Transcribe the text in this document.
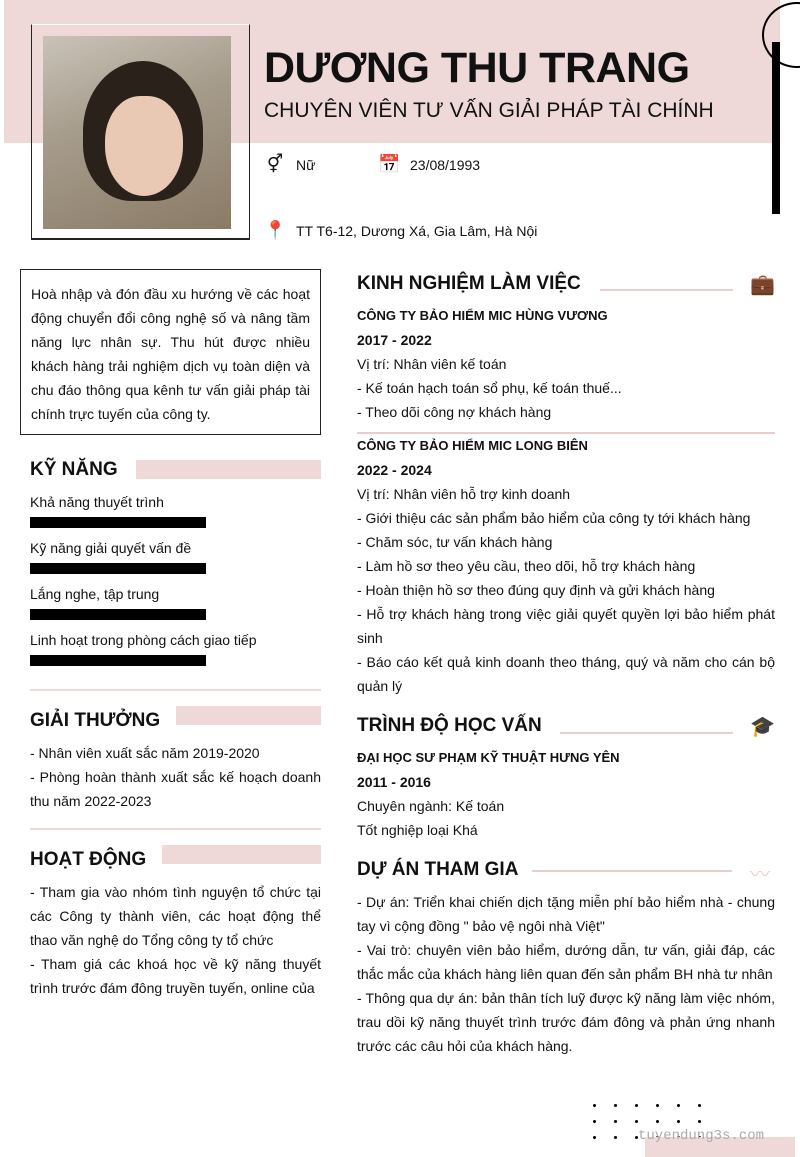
DƯƠNG THU TRANG
CHUYÊN VIÊN TƯ VẤN GIẢI PHÁP TÀI CHÍNH
⚥ Nữ	📅 23/08/1993
📍 TT T6-12, Dương Xá, Gia Lâm, Hà Nội
Hoà nhập và đón đầu xu hướng về các hoạt động chuyển đổi công nghệ số và nâng tầm năng lực nhân sự. Thu hút được nhiều khách hàng trải nghiệm dịch vụ toàn diện và chu đáo thông qua kênh tư vấn giải pháp tài chính trực tuyến của công ty.
KỸ NĂNG
Khả năng thuyết trình
Kỹ năng giải quyết vấn đề
Lắng nghe, tập trung
Linh hoạt trong phòng cách giao tiếp
GIẢI THƯỞNG
- Nhân viên xuất sắc năm 2019-2020
- Phòng hoàn thành xuất sắc kế hoạch doanh thu năm 2022-2023
HOẠT ĐỘNG
- Tham gia vào nhóm tình nguyện tổ chức tại các Công ty thành viên, các hoạt động thể thao văn nghệ do Tổng công ty tổ chức
- Tham giá các khoá học về kỹ năng thuyết trình trước đám đông truyền tuyến, online của
KINH NGHIỆM LÀM VIỆC	💼
CÔNG TY BẢO HIỂM MIC HÙNG VƯƠNG
2017 - 2022
Vị trí: Nhân viên kế toán
- Kế toán hạch toán sổ phụ, kế toán thuế...
- Theo dõi công nợ khách hàng
CÔNG TY BẢO HIỂM MIC LONG BIÊN
2022 - 2024
Vị trí: Nhân viên hỗ trợ kinh doanh
- Giới thiệu các sản phẩm bảo hiểm của công ty tới khách hàng
- Chăm sóc, tư vấn khách hàng
- Làm hồ sơ theo yêu cầu, theo dõi, hỗ trợ khách hàng
- Hoàn thiện hồ sơ theo đúng quy định và gửi khách hàng
- Hỗ trợ khách hàng trong việc giải quyết quyền lợi bảo hiểm phát sinh
- Báo cáo kết quả kinh doanh theo tháng, quý và năm cho cán bộ quản lý
TRÌNH ĐỘ HỌC VẤN	🎓
ĐẠI HỌC SƯ PHẠM KỸ THUẬT HƯNG YÊN
2011 - 2016
Chuyên ngành: Kế toán
Tốt nghiệp loại Khá
DỰ ÁN THAM GIA	〰
- Dự án: Triển khai chiến dịch tặng miễn phí bảo hiểm nhà - chung tay vì cộng đồng " bảo vệ ngôi nhà Việt"
- Vai trò: chuyên viên bảo hiểm, dướng dẫn, tư vấn, giải đáp, các thắc mắc của khách hàng liên quan đến sản phẩm BH nhà tư nhân
- Thông qua dự án: bản thân tích luỹ được kỹ năng làm việc nhóm, trau dồi kỹ năng thuyết trình trước đám đông và phản ứng nhanh trước các câu hỏi của khách hàng.
tuyendung3s.com
